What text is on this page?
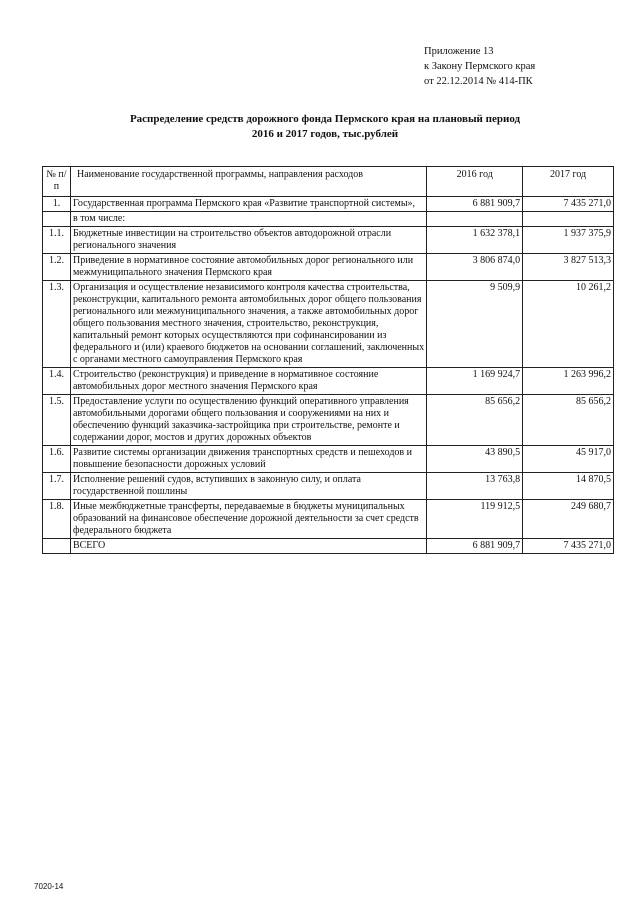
Приложение 13
к Закону Пермского края
от 22.12.2014 № 414-ПК
Распределение средств дорожного фонда Пермского края на плановый период
2016 и 2017 годов, тыс.рублей
№ п/п	Наименование государственной программы, направления расходов	2016 год	2017 год
1.	Государственная программа Пермского края «Развитие транспортной системы»,	6 881 909,7	7 435 271,0
	в том числе:		
1.1.	Бюджетные инвестиции на строительство объектов автодорожной отрасли регионального значения	1 632 378,1	1 937 375,9
1.2.	Приведение в нормативное состояние автомобильных дорог регионального или межмуниципального значения Пермского края	3 806 874,0	3 827 513,3
1.3.	Организация и осуществление независимого контроля качества строительства, реконструкции, капитального ремонта автомобильных дорог общего пользования регионального или межмуниципального значения, а также автомобильных дорог общего пользования местного значения, строительство, реконструкция, капитальный ремонт которых осуществляются при софинансировании из федерального и (или) краевого бюджетов на основании соглашений, заключенных с органами местного самоуправления Пермского края	9 509,9	10 261,2
1.4.	Строительство (реконструкция) и приведение в нормативное состояние автомобильных дорог местного значения Пермского края	1 169 924,7	1 263 996,2
1.5.	Предоставление услуги по осуществлению функций оперативного управления автомобильными дорогами общего пользования и сооружениями на них и обеспечению функций заказчика-застройщика при строительстве, ремонте и содержании дорог, мостов и других дорожных объектов	85 656,2	85 656,2
1.6.	Развитие системы организации движения транспортных средств и пешеходов и повышение безопасности дорожных условий	43 890,5	45 917,0
1.7.	Исполнение решений судов, вступивших в законную силу, и оплата государственной пошлины	13 763,8	14 870,5
1.8.	Иные межбюджетные трансферты, передаваемые в бюджеты муниципальных образований на финансовое обеспечение дорожной деятельности за счет средств федерального бюджета	119 912,5	249 680,7
	ВСЕГО	6 881 909,7	7 435 271,0
7020-14
